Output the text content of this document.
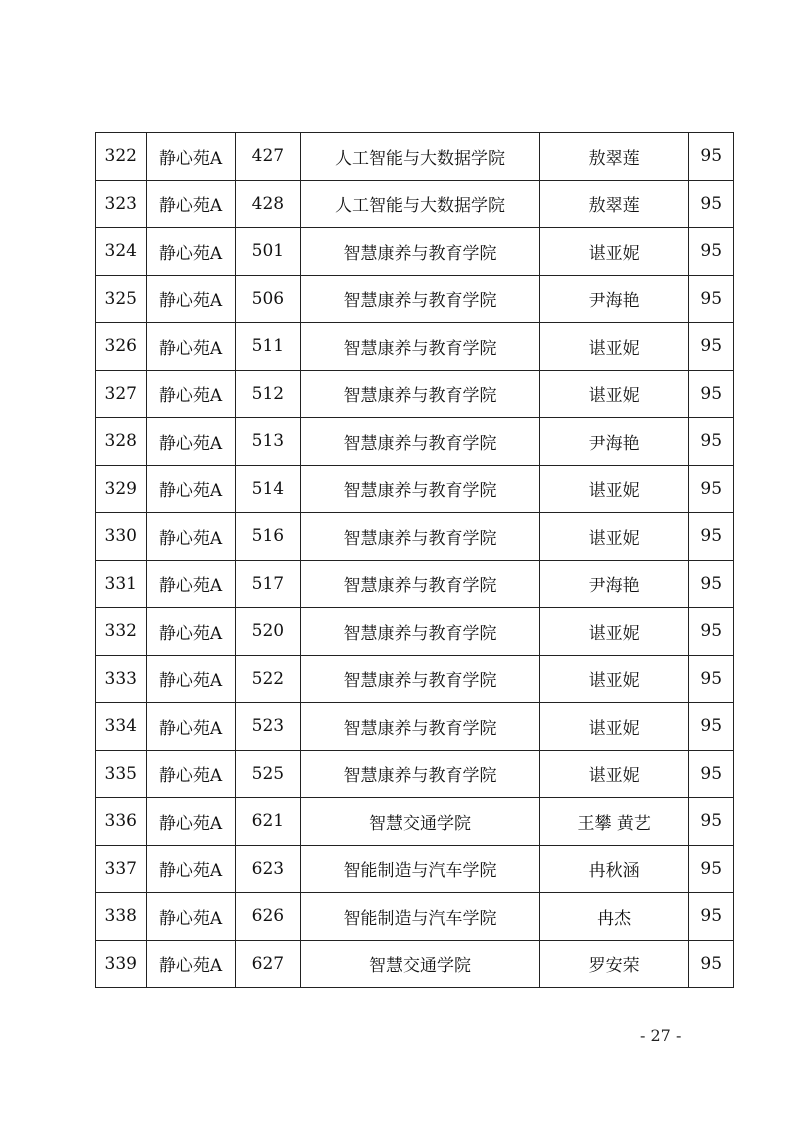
322	静心苑A	427	人工智能与大数据学院	敖翠莲	95
323	静心苑A	428	人工智能与大数据学院	敖翠莲	95
324	静心苑A	501	智慧康养与教育学院	谌亚妮	95
325	静心苑A	506	智慧康养与教育学院	尹海艳	95
326	静心苑A	511	智慧康养与教育学院	谌亚妮	95
327	静心苑A	512	智慧康养与教育学院	谌亚妮	95
328	静心苑A	513	智慧康养与教育学院	尹海艳	95
329	静心苑A	514	智慧康养与教育学院	谌亚妮	95
330	静心苑A	516	智慧康养与教育学院	谌亚妮	95
331	静心苑A	517	智慧康养与教育学院	尹海艳	95
332	静心苑A	520	智慧康养与教育学院	谌亚妮	95
333	静心苑A	522	智慧康养与教育学院	谌亚妮	95
334	静心苑A	523	智慧康养与教育学院	谌亚妮	95
335	静心苑A	525	智慧康养与教育学院	谌亚妮	95
336	静心苑A	621	智慧交通学院	王攀 黄艺	95
337	静心苑A	623	智能制造与汽车学院	冉秋涵	95
338	静心苑A	626	智能制造与汽车学院	冉杰	95
339	静心苑A	627	智慧交通学院	罗安荣	95
- 27 -
